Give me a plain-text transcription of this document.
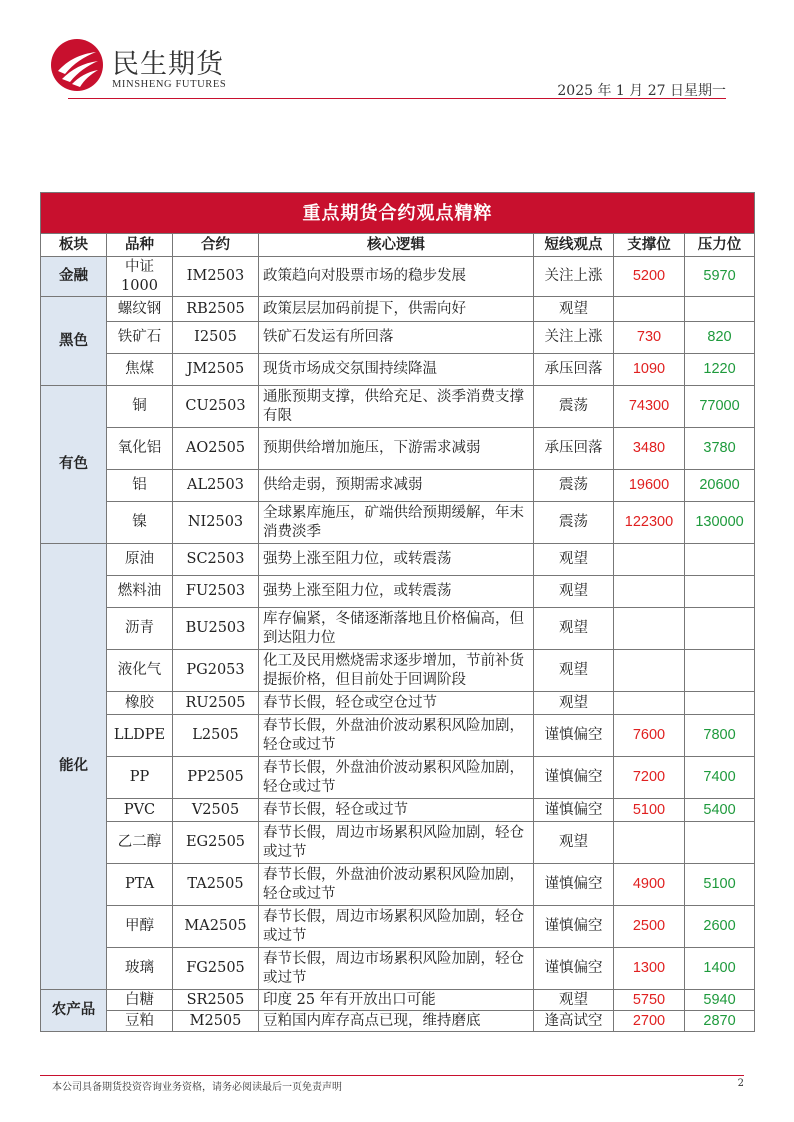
民生期货
MINSHENG FUTURES	2025 年 1 月 27 日星期一
重点期货合约观点精粹						
板块	品种	合约	核心逻辑	短线观点	支撑位	压力位
金融	中证1000	IM2503	政策趋向对股票市场的稳步发展	关注上涨	5200	5970
黑色	螺纹钢	RB2505	政策层层加码前提下，供需向好	观望		
	铁矿石	I2505	铁矿石发运有所回落	关注上涨	730	820
	焦煤	JM2505	现货市场成交氛围持续降温	承压回落	1090	1220
有色	铜	CU2503	通胀预期支撑，供给充足、淡季消费支撑有限	震荡	74300	77000
	氧化铝	AO2505	预期供给增加施压，下游需求减弱	承压回落	3480	3780
	铝	AL2503	供给走弱，预期需求减弱	震荡	19600	20600
	镍	NI2503	全球累库施压，矿端供给预期缓解，年末消费淡季	震荡	122300	130000
能化	原油	SC2503	强势上涨至阻力位，或转震荡	观望		
	燃料油	FU2503	强势上涨至阻力位，或转震荡	观望		
	沥青	BU2503	库存偏紧，冬储逐渐落地且价格偏高，但到达阻力位	观望		
	液化气	PG2053	化工及民用燃烧需求逐步增加，节前补货提振价格，但目前处于回调阶段	观望		
	橡胶	RU2505	春节长假，轻仓或空仓过节	观望		
	LLDPE	L2505	春节长假，外盘油价波动累积风险加剧，轻仓或过节	谨慎偏空	7600	7800
	PP	PP2505	春节长假，外盘油价波动累积风险加剧，轻仓或过节	谨慎偏空	7200	7400
	PVC	V2505	春节长假，轻仓或过节	谨慎偏空	5100	5400
	乙二醇	EG2505	春节长假，周边市场累积风险加剧，轻仓或过节	观望		
	PTA	TA2505	春节长假，外盘油价波动累积风险加剧，轻仓或过节	谨慎偏空	4900	5100
	甲醇	MA2505	春节长假，周边市场累积风险加剧，轻仓或过节	谨慎偏空	2500	2600
	玻璃	FG2505	春节长假，周边市场累积风险加剧，轻仓或过节	谨慎偏空	1300	1400
农产品	白糖	SR2505	印度 25 年有开放出口可能	观望	5750	5940
	豆粕	M2505	豆粕国内库存高点已现，维持磨底	逢高试空	2700	2870
本公司具备期货投资咨询业务资格，请务必阅读最后一页免责声明	2
